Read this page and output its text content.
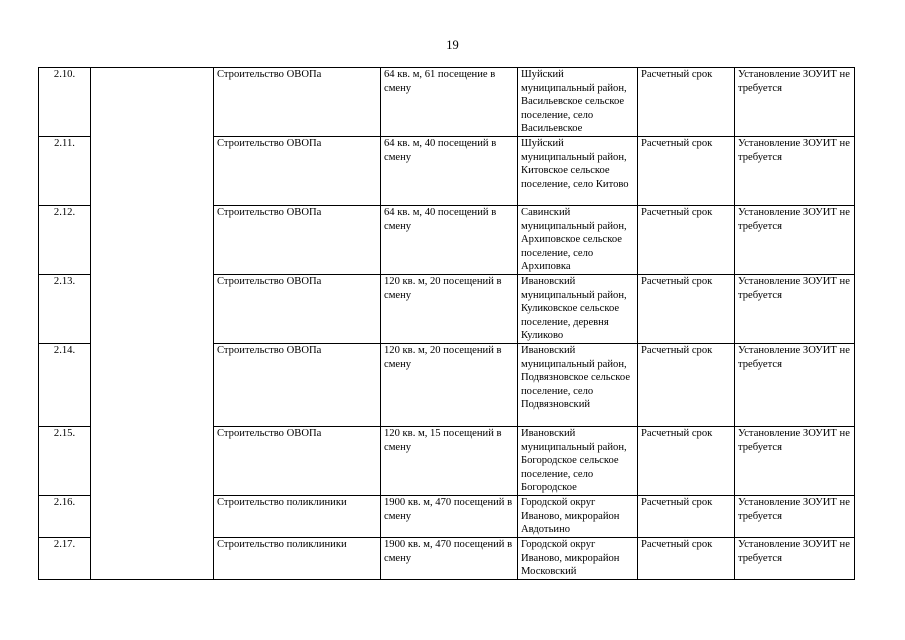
19
2.10.		Строительство ОВОПа	64 кв. м, 61 посещение в смену	Шуйский муниципальный район, Васильевское сельское поселение, село Васильевское	Расчетный срок	Установление ЗОУИТ не требуется
2.11.		Строительство ОВОПа	64 кв. м, 40 посещений в смену	Шуйский муниципальный район, Китовское сельское поселение, село Китово	Расчетный срок	Установление ЗОУИТ не требуется
2.12.		Строительство ОВОПа	64 кв. м, 40 посещений в смену	Савинский муниципальный район, Архиповское сельское поселение, село Архиповка	Расчетный срок	Установление ЗОУИТ не требуется
2.13.		Строительство ОВОПа	120 кв. м, 20 посещений в смену	Ивановский муниципальный район, Куликовское сельское поселение, деревня Куликово	Расчетный срок	Установление ЗОУИТ не требуется
2.14.		Строительство ОВОПа	120 кв. м, 20 посещений в смену	Ивановский муниципальный район, Подвязновское сельское поселение, село Подвязновский	Расчетный срок	Установление ЗОУИТ не требуется
2.15.		Строительство ОВОПа	120 кв. м, 15 посещений в смену	Ивановский муниципальный район, Богородское сельское поселение, село Богородское	Расчетный срок	Установление ЗОУИТ не требуется
2.16.		Строительство поликлиники	1900 кв. м, 470 посещений в смену	Городской округ Иваново, микрорайон Авдотьино	Расчетный срок	Установление ЗОУИТ не требуется
2.17.		Строительство поликлиники	1900 кв. м, 470 посещений в смену	Городской округ Иваново, микрорайон Московский	Расчетный срок	Установление ЗОУИТ не требуется
